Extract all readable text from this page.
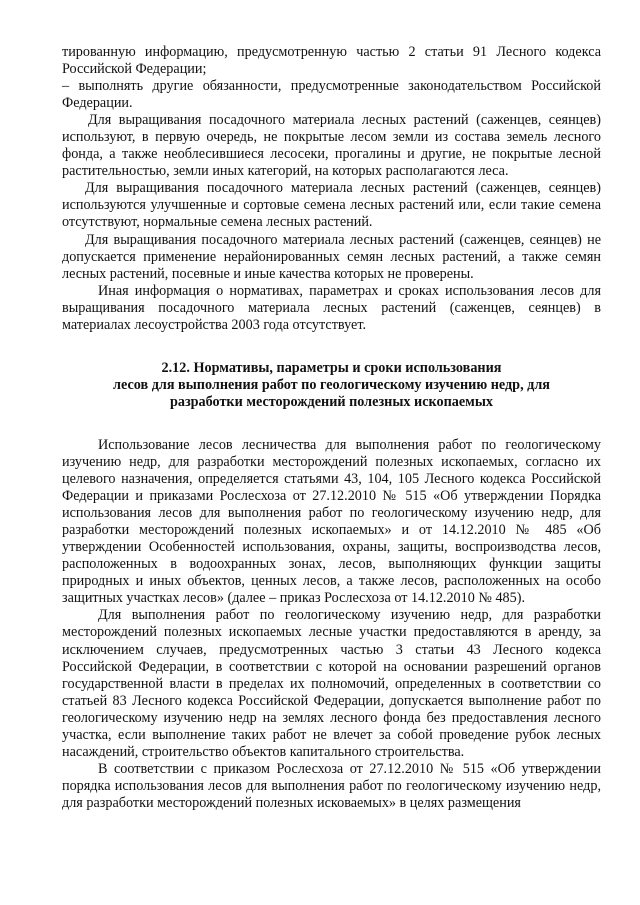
тированную информацию, предусмотренную частью 2 статьи 91 Лесного кодекса Российской Федерации;

– выполнять другие обязанности, предусмотренные законодательством Российской Федерации.

Для выращивания посадочного материала лесных растений (саженцев, сеянцев) используют, в первую очередь, не покрытые лесом земли из состава земель лесного фонда, а также необлесившиеся лесосеки, прогалины и другие, не покрытые лесной растительностью, земли иных категорий, на которых располагаются леса.

Для выращивания посадочного материала лесных растений (саженцев, сеянцев) используются улучшенные и сортовые семена лесных растений или, если такие семена отсутствуют, нормальные семена лесных растений.

Для выращивания посадочного материала лесных растений (саженцев, сеянцев) не допускается применение нерайонированных семян лесных растений, а также семян лесных растений, посевные и иные качества которых не проверены.

Иная информация о нормативах, параметрах и сроках использования лесов для выращивания посадочного материала лесных растений (саженцев, сеянцев) в материалах лесоустройства 2003 года отсутствует.

2.12. Нормативы, параметры и сроки использования

лесов для выполнения работ по геологическому изучению недр, для

разработки месторождений полезных ископаемых

Использование лесов лесничества для выполнения работ по геологическому изучению недр, для разработки месторождений полезных ископаемых, согласно их целевого назначения, определяется статьями 43, 104, 105 Лесного кодекса Российской Федерации и приказами Рослесхоза от 27.12.2010 № 515 «Об утверждении Порядка использования лесов для выполнения работ по геологическому изучению недр, для разработки месторождений полезных ископаемых» и от 14.12.2010 № 485 «Об утверждении Особенностей использования, охраны, защиты, воспроизводства лесов, расположенных в водоохранных зонах, лесов, выполняющих функции защиты природных и иных объектов, ценных лесов, а также лесов, расположенных на особо защитных участках лесов» (далее – приказ Рослесхоза от 14.12.2010 № 485).

Для выполнения работ по геологическому изучению недр, для разработки месторождений полезных ископаемых лесные участки предоставляются в аренду, за исключением случаев, предусмотренных частью 3 статьи 43 Лесного кодекса Российской Федерации, в соответствии с которой на основании разрешений органов государственной власти в пределах их полномочий, определенных в соответствии со статьей 83 Лесного кодекса Российской Федерации, допускается выполнение работ по геологическому изучению недр на землях лесного фонда без предоставления лесного участка, если выполнение таких работ не влечет за собой проведение рубок лесных насаждений, строительство объектов капитального строительства.

В соответствии с приказом Рослесхоза от 27.12.2010 № 515 «Об утверждении порядка использования лесов для выполнения работ по геологическому изучению недр, для разработки месторождений полезных исковаемых» в целях размещения
